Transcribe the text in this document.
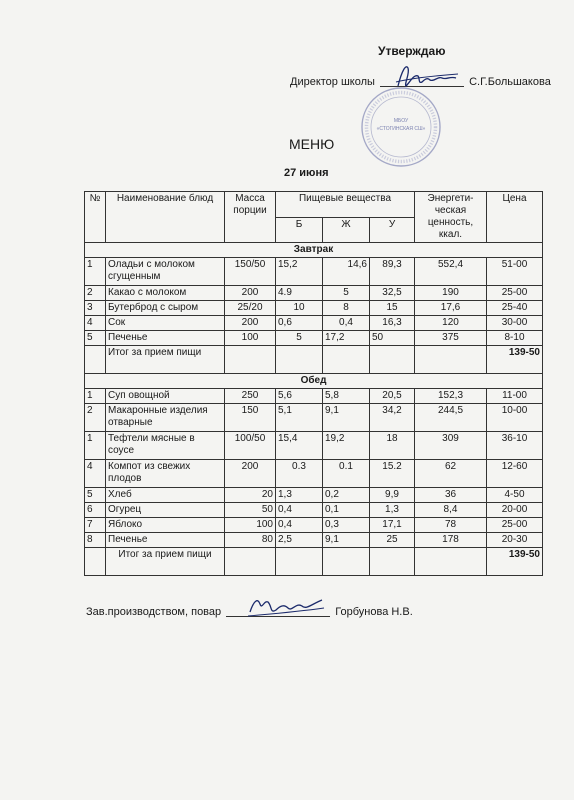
Утверждаю
Директор школы	С.Г.Большакова
МБОУ
«СТОГИНСКАЯ СШ»
МЕНЮ
27 июня
№	Наименование блюд	Масса порции	Пищевые вещества			Энергети-ческая ценность, ккал.	Цена
			Б	Ж	У		
Завтрак							
1	Оладьи с молоком сгущенным	150/50	15,2	14,6	89,3	552,4	51-00
2	Какао с молоком	200	4.9	5	32,5	190	25-00
3	Бутерброд с сыром	25/20	10	8	15	17,6	25-40
4	Сок	200	0,6	0,4	16,3	120	30-00
5	Печенье	100	5	17,2	50	375	8-10
	Итог за прием пищи						139-50
Обед							
1	Суп овощной	250	5,6	5,8	20,5	152,3	11-00
2	Макаронные изделия отварные	150	5,1	9,1	34,2	244,5	10-00
1	Тефтели мясные в соусе	100/50	15,4	19,2	18	309	36-10
4	Компот из свежих плодов	200	0.3	0.1	15.2	62	12-60
5	Хлеб	20	1,3	0,2	9,9	36	4-50
6	Огурец	50	0,4	0,1	1,3	8,4	20-00
7	Яблоко	100	0,4	0,3	17,1	78	25-00
8	Печенье	80	2,5	9,1	25	178	20-30
	Итог за прием пищи						139-50
Зав.производством, повар	Горбунова Н.В.
